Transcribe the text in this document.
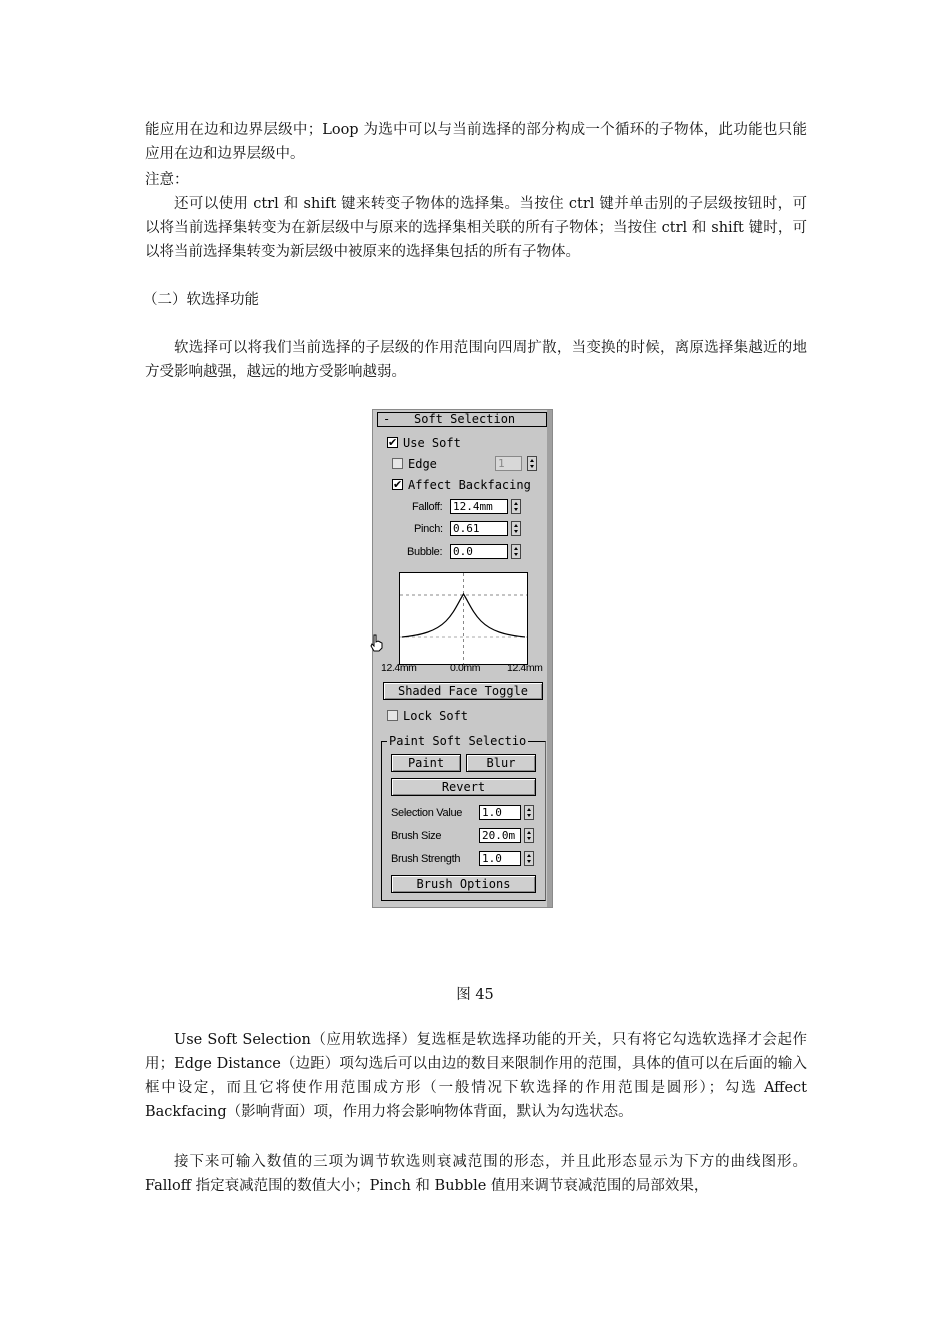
能应用在边和边界层级中；Loop 为选中可以与当前选择的部分构成一个循环的子物体，此功能也只能应用在边和边界层级中。

注意：

还可以使用 ctrl 和 shift 键来转变子物体的选择集。当按住 ctrl 键并单击别的子层级按钮时，可以将当前选择集转变为在新层级中与原来的选择集相关联的所有子物体；当按住 ctrl 和 shift 键时，可以将当前选择集转变为新层级中被原来的选择集包括的所有子物体。

（二）软选择功能

软选择可以将我们当前选择的子层级的作用范围向四周扩散，当变换的时候，离原选择集越近的地方受影响越强，越远的地方受影响越弱。

- Soft Selection
✔ Use Soft
Edge	1
✔ Affect Backfacing
Falloff: 12.4mm
Pinch: 0.61
Bubble: 0.0
12.4mm	0.0mm	12.4mm
Shaded Face Toggle
Lock Soft
Paint Soft Selectio
Paint	Blur
Revert
Selection Value 1.0
Brush Size	20.0m
Brush Strength 1.0
Brush Options
图 45

Use Soft Selection（应用软选择）复选框是软选择功能的开关，只有将它勾选软选择才会起作用；Edge Distance（边距）项勾选后可以由边的数目来限制作用的范围，具体的值可以在后面的输入框中设定，而且它将使作用范围成方形（一般情况下软选择的作用范围是圆形）；勾选 Affect Backfacing（影响背面）项，作用力将会影响物体背面，默认为勾选状态。

接下来可输入数值的三项为调节软选则衰减范围的形态，并且此形态显示为下方的曲线图形。Falloff 指定衰减范围的数值大小；Pinch 和 Bubble 值用来调节衰减范围的局部效果，
